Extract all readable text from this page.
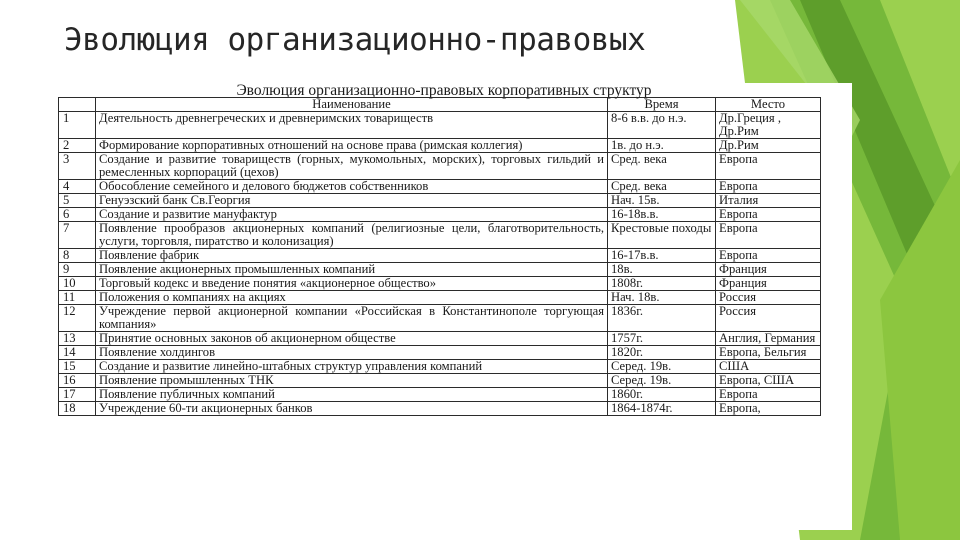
Эволюция организационно-правовых
Эволюция организационно-правовых корпоративных структур
	Наименование	Время	Место
1	Деятельность древнегреческих и древнеримских товариществ	8-6 в.в. до н.э.	Др.Греция , Др.Рим
2	Формирование корпоративных отношений на основе права (римская коллегия)	1в. до н.э.	Др.Рим
3	Создание и развитие товариществ (горных, мукомольных, морских), торговых гильдий и ремесленных корпораций (цехов)	Сред. века	Европа
4	Обособление семейного и делового бюджетов собственников	Сред. века	Европа
5	Генуэзский банк Св.Георгия	Нач. 15в.	Италия
6	Создание и развитие мануфактур	16-18в.в.	Европа
7	Появление прообразов акционерных компаний (религиозные цели, благотворительность, услуги, торговля, пиратство и колонизация)	Крестовые походы	Европа
8	Появление фабрик	16-17в.в.	Европа
9	Появление акционерных промышленных компаний	18в.	Франция
10	Торговый кодекс и введение понятия «акционерное общество»	1808г.	Франция
11	Положения о компаниях на акциях	Нач. 18в.	Россия
12	Учреждение первой акционерной компании «Российская в Константинополе торгующая компания»	1836г.	Россия
13	Принятие основных законов об акционерном обществе	1757г.	Англия, Германия
14	Появление холдингов	1820г.	Европа, Бельгия
15	Создание и развитие линейно-штабных структур управления компаний	Серед. 19в.	США
16	Появление промышленных ТНК	Серед. 19в.	Европа, США
17	Появление публичных компаний	1860г.	Европа
18	Учреждение 60-ти акционерных банков	1864-1874г.	Европа,
